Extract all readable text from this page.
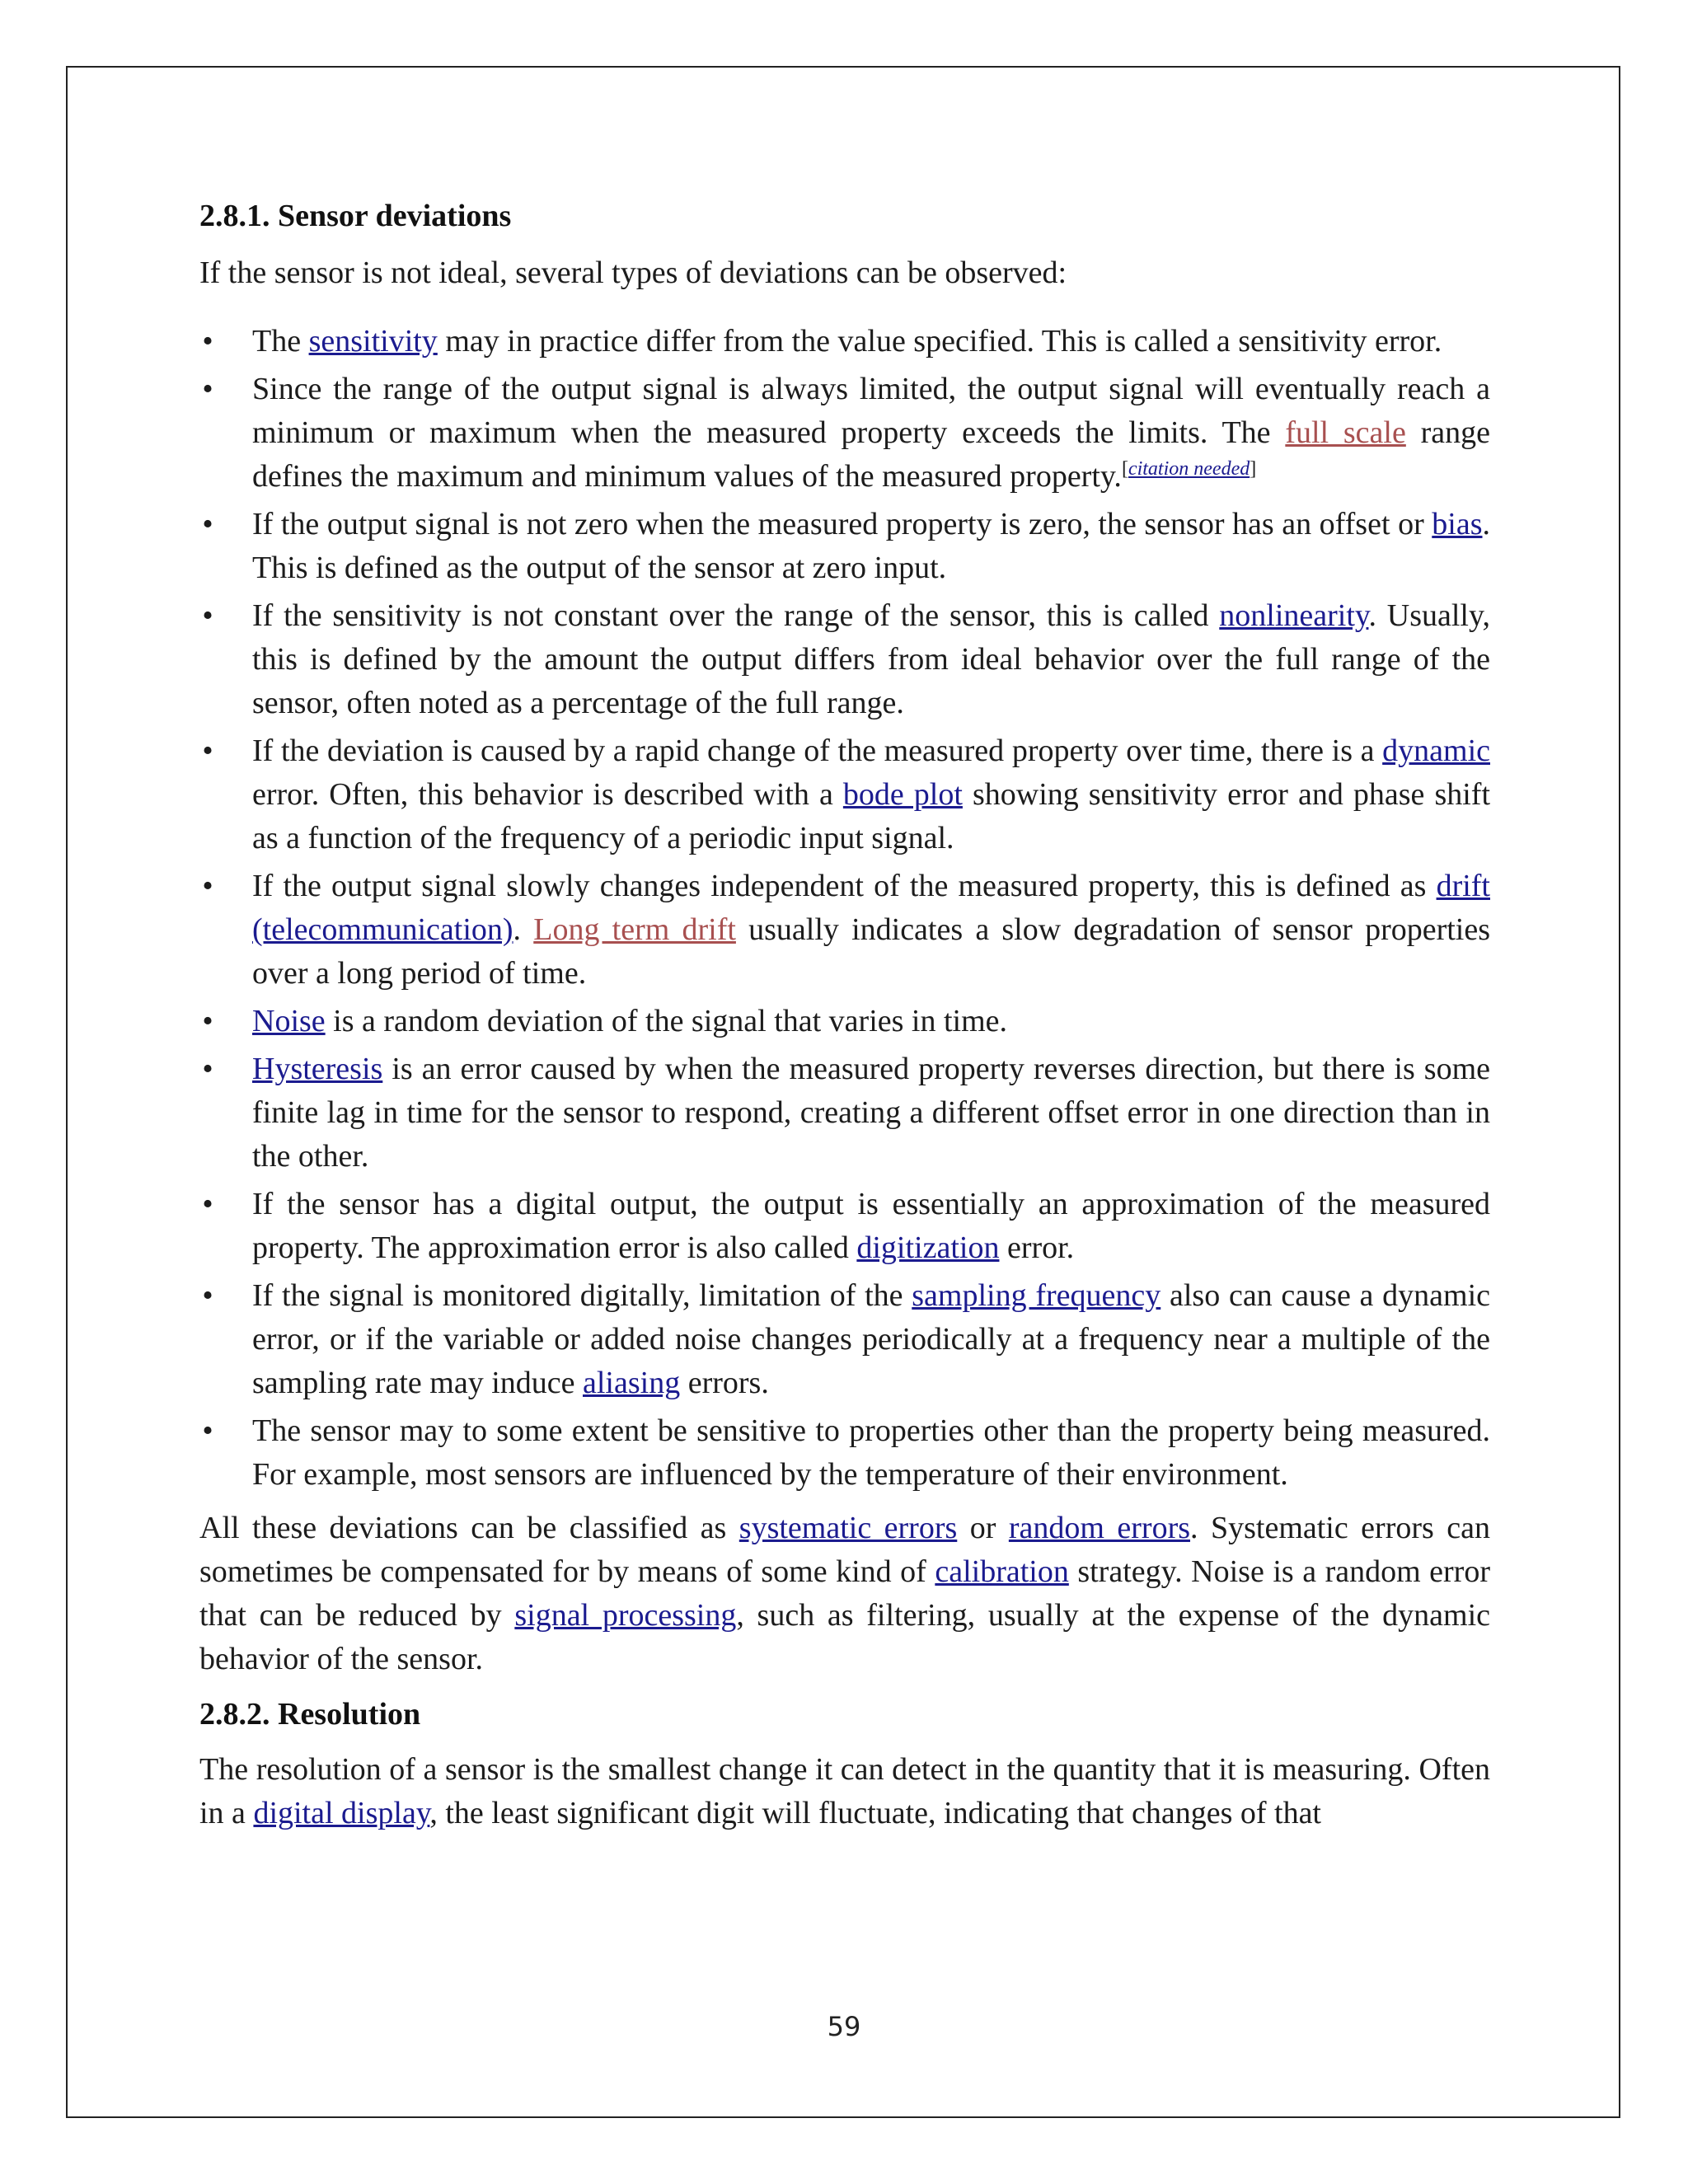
2.8.1. Sensor deviations

If the sensor is not ideal, several types of deviations can be observed:

• The sensitivity may in practice differ from the value specified. This is called a sensitivity error.
• Since the range of the output signal is always limited, the output signal will eventually reach a minimum or maximum when the measured property exceeds the limits. The full scale range defines the maximum and minimum values of the measured property.[citation needed]
• If the output signal is not zero when the measured property is zero, the sensor has an offset or bias. This is defined as the output of the sensor at zero input.
• If the sensitivity is not constant over the range of the sensor, this is called nonlinearity. Usually, this is defined by the amount the output differs from ideal behavior over the full range of the sensor, often noted as a percentage of the full range.
• If the deviation is caused by a rapid change of the measured property over time, there is a dynamic error. Often, this behavior is described with a bode plot showing sensitivity error and phase shift as a function of the frequency of a periodic input signal.
• If the output signal slowly changes independent of the measured property, this is defined as drift (telecommunication). Long term drift usually indicates a slow degradation of sensor properties over a long period of time.
• Noise is a random deviation of the signal that varies in time.
• Hysteresis is an error caused by when the measured property reverses direction, but there is some finite lag in time for the sensor to respond, creating a different offset error in one direction than in the other.
• If the sensor has a digital output, the output is essentially an approximation of the measured property. The approximation error is also called digitization error.
• If the signal is monitored digitally, limitation of the sampling frequency also can cause a dynamic error, or if the variable or added noise changes periodically at a frequency near a multiple of the sampling rate may induce aliasing errors.
• The sensor may to some extent be sensitive to properties other than the property being measured. For example, most sensors are influenced by the temperature of their environment.

All these deviations can be classified as systematic errors or random errors. Systematic errors can sometimes be compensated for by means of some kind of calibration strategy. Noise is a random error that can be reduced by signal processing, such as filtering, usually at the expense of the dynamic behavior of the sensor.

2.8.2. Resolution

The resolution of a sensor is the smallest change it can detect in the quantity that it is measuring. Often in a digital display, the least significant digit will fluctuate, indicating that changes of that

59
